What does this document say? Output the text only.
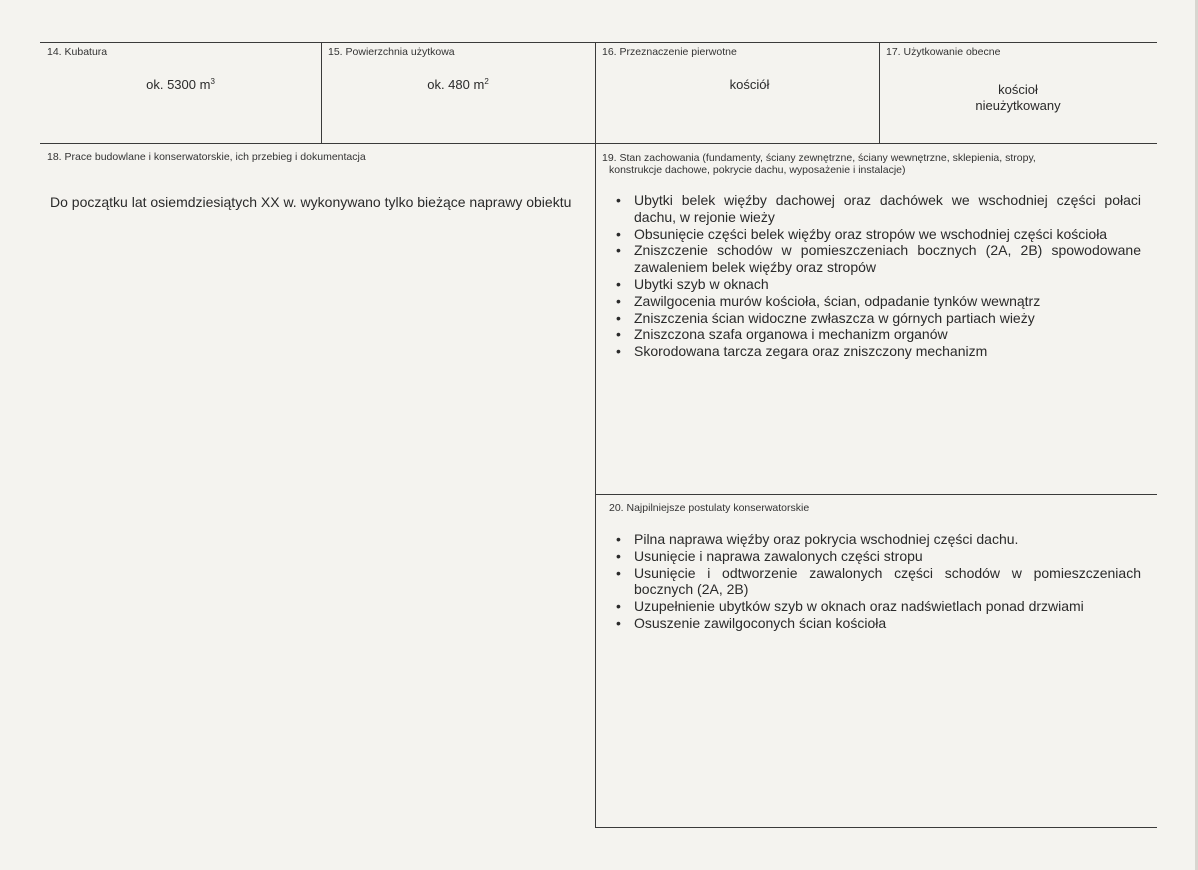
14. Kubatura
ok. 5300 $m^3$
15. Powierzchnia użytkowa
ok. 480 $m^2$
16. Przeznaczenie pierwotne
kościół
17. Użytkowanie obecne
kościoł
nieużytkowany
18. Prace budowlane i konserwatorskie, ich przebieg i dokumentacja
Do początku lat osiemdziesiątych XX w. wykonywano tylko bieżące naprawy obiektu
19. Stan zachowania (fundamenty, ściany zewnętrzne, ściany wewnętrzne, sklepienia, stropy,
konstrukcje dachowe, pokrycie dachu, wyposażenie i instalacje)
• Ubytki belek więźby dachowej oraz dachówek we wschodniej części połaci dachu, w rejonie wieży
• Obsunięcie części belek więźby oraz stropów we wschodniej części kościoła
• Zniszczenie schodów w pomieszczeniach bocznych (2A, 2B) spowodowane zawaleniem belek więźby oraz stropów
• Ubytki szyb w oknach
• Zawilgocenia murów kościoła, ścian, odpadanie tynków wewnątrz
• Zniszczenia ścian widoczne zwłaszcza w górnych partiach wieży
• Zniszczona szafa organowa i mechanizm organów
• Skorodowana tarcza zegara oraz zniszczony mechanizm
20. Najpilniejsze postulaty konserwatorskie
• Pilna naprawa więźby oraz pokrycia wschodniej części dachu.
• Usunięcie i naprawa zawalonych części stropu
• Usunięcie i odtworzenie zawalonych części schodów w pomieszczeniach bocznych (2A, 2B)
• Uzupełnienie ubytków szyb w oknach oraz nadświetlach ponad drzwiami
• Osuszenie zawilgoconych ścian kościoła
